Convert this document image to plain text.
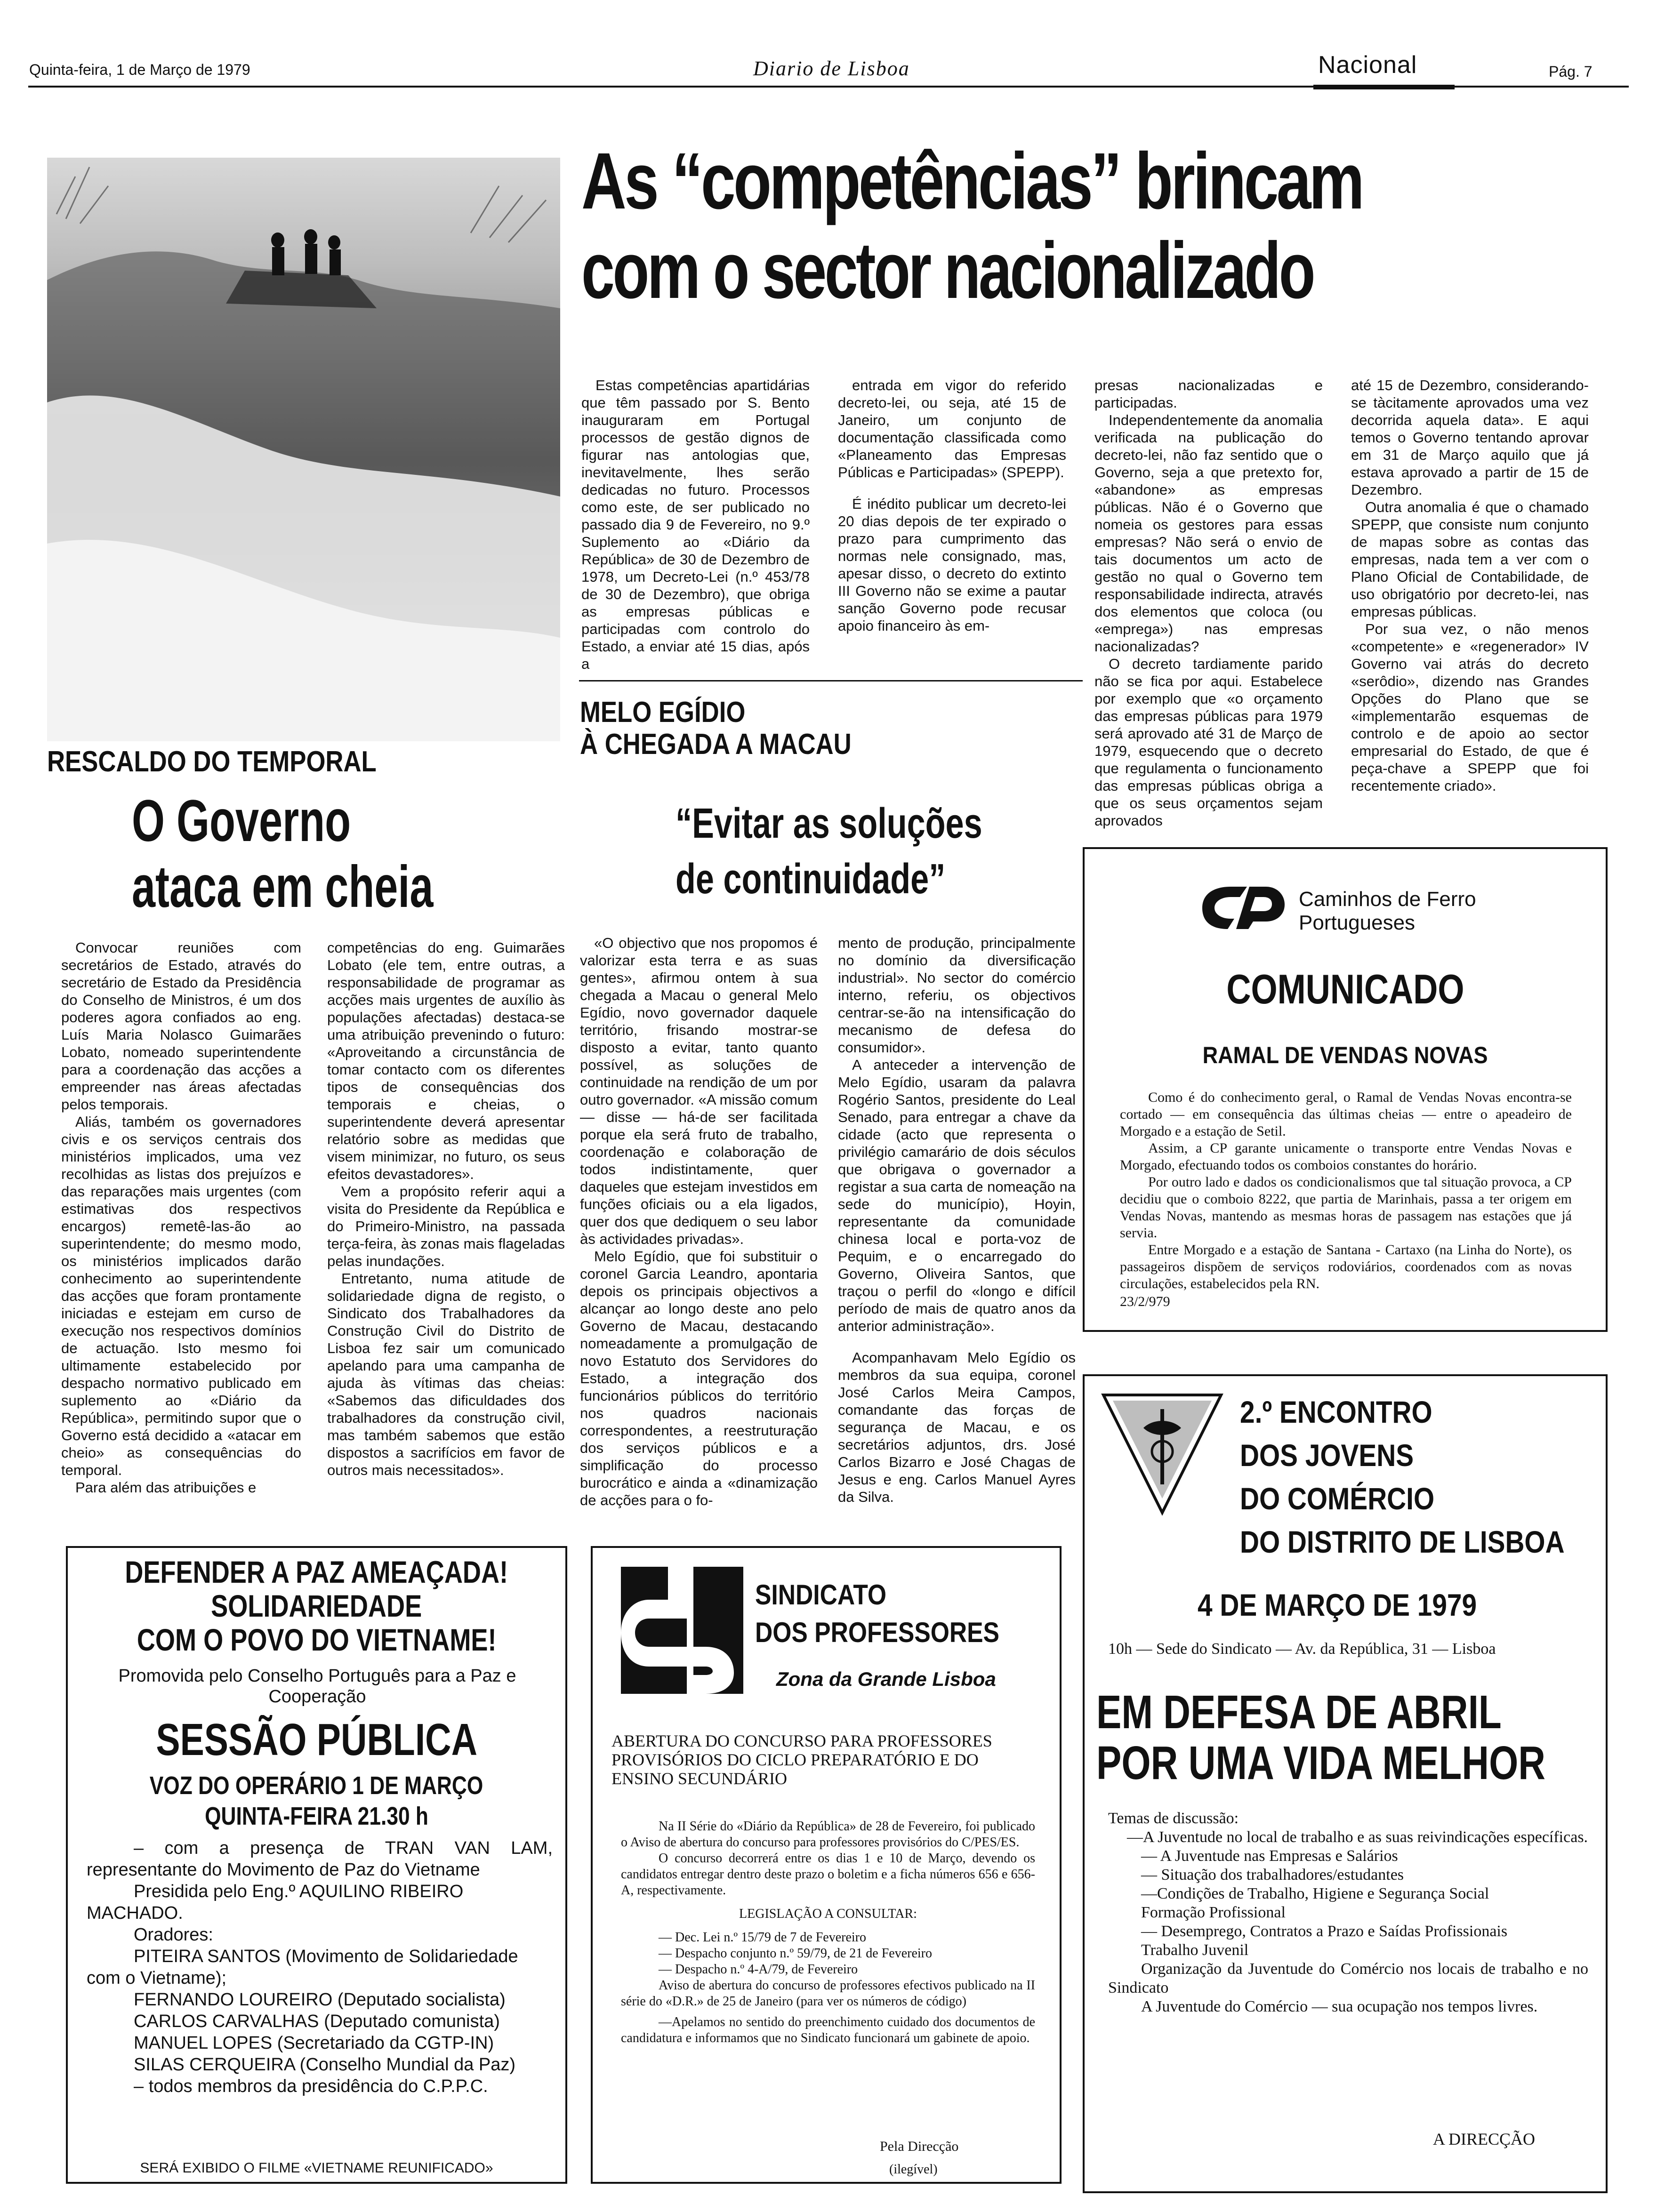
Quinta-feira, 1 de Março de 1979	Diario de Lisboa	Nacional	Pág. 7
As “competências” brincam
com o sector nacionalizado

Estas competências apartidárias que têm passado por S. Bento inauguraram em Portugal processos de gestão dignos de figurar nas antologias que, inevitavelmente, lhes serão dedicadas no futuro. Processos como este, de ser publicado no passado dia 9 de Fevereiro, no 9.º Suplemento ao «Diário da República» de 30 de Dezembro de 1978, um Decreto-Lei (n.º 453/78 de 30 de Dezembro), que obriga as empresas públicas e participadas com controlo do Estado, a enviar até 15 dias, após a

entrada em vigor do referido decreto-lei, ou seja, até 15 de Janeiro, um conjunto de documentação classificada como «Planeamento das Empresas Públicas e Participadas» (SPEPP).

É inédito publicar um decreto-lei 20 dias depois de ter expirado o prazo para cumprimento das normas nele consignado, mas, apesar disso, o decreto do extinto III Governo não se exime a pautar sanção Governo pode recusar apoio financeiro às em-

presas nacionalizadas e participadas.

Independentemente da anomalia verificada na publicação do decreto-lei, não faz sentido que o Governo, seja a que pretexto for, «abandone» as empresas públicas. Não é o Governo que nomeia os gestores para essas empresas? Não será o envio de tais documentos um acto de gestão no qual o Governo tem responsabilidade indirecta, através dos elementos que coloca (ou «emprega») nas empresas nacionalizadas?

O decreto tardiamente parido não se fica por aqui. Estabelece por exemplo que «o orçamento das empresas públicas para 1979 será aprovado até 31 de Março de 1979, esquecendo que o decreto que regulamenta o funcionamento das empresas públicas obriga a que os seus orçamentos sejam aprovados

até 15 de Dezembro, considerando-se tàcitamente aprovados uma vez decorrida aquela data». E aqui temos o Governo tentando aprovar em 31 de Março aquilo que já estava aprovado a partir de 15 de Dezembro.

Outra anomalia é que o chamado SPEPP, que consiste num conjunto de mapas sobre as contas das empresas, nada tem a ver com o Plano Oficial de Contabilidade, de uso obrigatório por decreto-lei, nas empresas públicas.

Por sua vez, o não menos «competente» e «regenerador» IV Governo vai atrás do decreto «serôdio», dizendo nas Grandes Opções do Plano que se «implementarão esquemas de controlo e de apoio ao sector empresarial do Estado, de que é peça-chave a SPEPP que foi recentemente criado».

RESCALDO DO TEMPORAL
O Governo
ataca em cheia

Convocar reuniões com secretários de Estado, através do secretário de Estado da Presidência do Conselho de Ministros, é um dos poderes agora confiados ao eng. Luís Maria Nolasco Guimarães Lobato, nomeado superintendente para a coordenação das acções a empreender nas áreas afectadas pelos temporais.

Aliás, também os governadores civis e os serviços centrais dos ministérios implicados, uma vez recolhidas as listas dos prejuízos e das reparações mais urgentes (com estimativas dos respectivos encargos) remetê-las-ão ao superintendente; do mesmo modo, os ministérios implicados darão conhecimento ao superintendente das acções que foram prontamente iniciadas e estejam em curso de execução nos respectivos domínios de actuação. Isto mesmo foi ultimamente estabelecido por despacho normativo publicado em suplemento ao «Diário da República», permitindo supor que o Governo está decidido a «atacar em cheio» as consequências do temporal.

Para além das atribuições e

competências do eng. Guimarães Lobato (ele tem, entre outras, a responsabilidade de programar as acções mais urgentes de auxílio às populações afectadas) destaca-se uma atribuição prevenindo o futuro: «Aproveitando a circunstância de tomar contacto com os diferentes tipos de consequências dos temporais e cheias, o superintendente deverá apresentar relatório sobre as medidas que visem minimizar, no futuro, os seus efeitos devastadores».

Vem a propósito referir aqui a visita do Presidente da República e do Primeiro-Ministro, na passada terça-feira, às zonas mais flageladas pelas inundações.

Entretanto, numa atitude de solidariedade digna de registo, o Sindicato dos Trabalhadores da Construção Civil do Distrito de Lisboa fez sair um comunicado apelando para uma campanha de ajuda às vítimas das cheias: «Sabemos das dificuldades dos trabalhadores da construção civil, mas também sabemos que estão dispostos a sacrifícios em favor de outros mais necessitados».

MELO EGÍDIO
À CHEGADA A MACAU
“Evitar as soluções
de continuidade”

«O objectivo que nos propomos é valorizar esta terra e as suas gentes», afirmou ontem à sua chegada a Macau o general Melo Egídio, novo governador daquele território, frisando mostrar-se disposto a evitar, tanto quanto possível, as soluções de continuidade na rendição de um por outro governador. «A missão comum — disse — há-de ser facilitada porque ela será fruto de trabalho, coordenação e colaboração de todos indistintamente, quer daqueles que estejam investidos em funções oficiais ou a ela ligados, quer dos que dediquem o seu labor às actividades privadas».

Melo Egídio, que foi substituir o coronel Garcia Leandro, apontaria depois os principais objectivos a alcançar ao longo deste ano pelo Governo de Macau, destacando nomeadamente a promulgação de novo Estatuto dos Servidores do Estado, a integração dos funcionários públicos do território nos quadros nacionais correspondentes, a reestruturação dos serviços públicos e a simplificação do processo burocrático e ainda a «dinamização de acções para o fo-

mento de produção, principalmente no domínio da diversificação industrial». No sector do comércio interno, referiu, os objectivos centrar-se-ão na intensificação do mecanismo de defesa do consumidor».

A anteceder a intervenção de Melo Egídio, usaram da palavra Rogério Santos, presidente do Leal Senado, para entregar a chave da cidade (acto que representa o privilégio camarário de dois séculos que obrigava o governador a registar a sua carta de nomeação na sede do município), Hoyin, representante da comunidade chinesa local e porta-voz de Pequim, e o encarregado do Governo, Oliveira Santos, que traçou o perfil do «longo e difícil período de mais de quatro anos da anterior administração».

Acompanhavam Melo Egídio os membros da sua equipa, coronel José Carlos Meira Campos, comandante das forças de segurança de Macau, e os secretários adjuntos, drs. José Carlos Bizarro e José Chagas de Jesus e eng. Carlos Manuel Ayres da Silva.

Caminhos de Ferro
Portugueses
COMUNICADO
RAMAL DE VENDAS NOVAS

Como é do conhecimento geral, o Ramal de Vendas Novas encontra-se cortado — em consequência das últimas cheias — entre o apeadeiro de Morgado e a estação de Setil.

Assim, a CP garante unicamente o transporte entre Vendas Novas e Morgado, efectuando todos os comboios constantes do horário.

Por outro lado e dados os condicionalismos que tal situação provoca, a CP decidiu que o comboio 8222, que partia de Marinhais, passa a ter origem em Vendas Novas, mantendo as mesmas horas de passagem nas estações que já servia.

Entre Morgado e a estação de Santana - Cartaxo (na Linha do Norte), os passageiros dispõem de serviços rodoviários, coordenados com as novas circulações, estabelecidos pela RN.

23/2/979
2.º ENCONTRO
DOS JOVENS
DO COMÉRCIO
DO DISTRITO DE LISBOA
4 DE MARÇO DE 1979
10h — Sede do Sindicato — Av. da República, 31 — Lisboa
EM DEFESA DE ABRIL
POR UMA VIDA MELHOR

Temas de discussão:

—A Juventude no local de trabalho e as suas reivindicações específicas.

— A Juventude nas Empresas e Salários

— Situação dos trabalhadores/estudantes

—Condições de Trabalho, Higiene e Segurança Social

Formação Profissional

— Desemprego, Contratos a Prazo e Saídas Profissionais

Trabalho Juvenil

Organização da Juventude do Comércio nos locais de trabalho e no Sindicato

A Juventude do Comércio — sua ocupação nos tempos livres.

A DIRECÇÃO
DEFENDER A PAZ AMEAÇADA!
SOLIDARIEDADE
COM O POVO DO VIETNAME!
Promovida pelo Conselho Português para a Paz e Cooperação
SESSÃO PÚBLICA
VOZ DO OPERÁRIO 1 DE MARÇO
QUINTA-FEIRA 21.30 h

– com a presença de TRAN VAN LAM, representante do Movimento de Paz do Vietname

Presidida pelo Eng.º AQUILINO RIBEIRO MACHADO.

Oradores:

PITEIRA SANTOS (Movimento de Solidariedade com o Vietname);

FERNANDO LOUREIRO (Deputado socialista)

CARLOS CARVALHAS (Deputado comunista)

MANUEL LOPES (Secretariado da CGTP-IN)

SILAS CERQUEIRA (Conselho Mundial da Paz)

– todos membros da presidência do C.P.P.C.

SERÁ EXIBIDO O FILME «VIETNAME REUNIFICADO»
SINDICATO
DOS PROFESSORES
Zona da Grande Lisboa
ABERTURA DO CONCURSO PARA PROFESSORES PROVISÓRIOS DO CICLO PREPARATÓRIO E DO ENSINO SECUNDÁRIO

Na II Série do «Diário da República» de 28 de Fevereiro, foi publicado o Aviso de abertura do concurso para professores provisórios do C/PES/ES.

O concurso decorrerá entre os dias 1 e 10 de Março, devendo os candidatos entregar dentro deste prazo o boletim e a ficha números 656 e 656-A, respectivamente.

LEGISLAÇÃO A CONSULTAR:

— Dec. Lei n.º 15/79 de 7 de Fevereiro

— Despacho conjunto n.º 59/79, de 21 de Fevereiro

— Despacho n.º 4-A/79, de Fevereiro

Aviso de abertura do concurso de professores efectivos publicado na II série do «D.R.» de 25 de Janeiro (para ver os números de código)

—Apelamos no sentido do preenchimento cuidado dos documentos de candidatura e informamos que no Sindicato funcionará um gabinete de apoio.

Pela Direcção
(ilegível)
